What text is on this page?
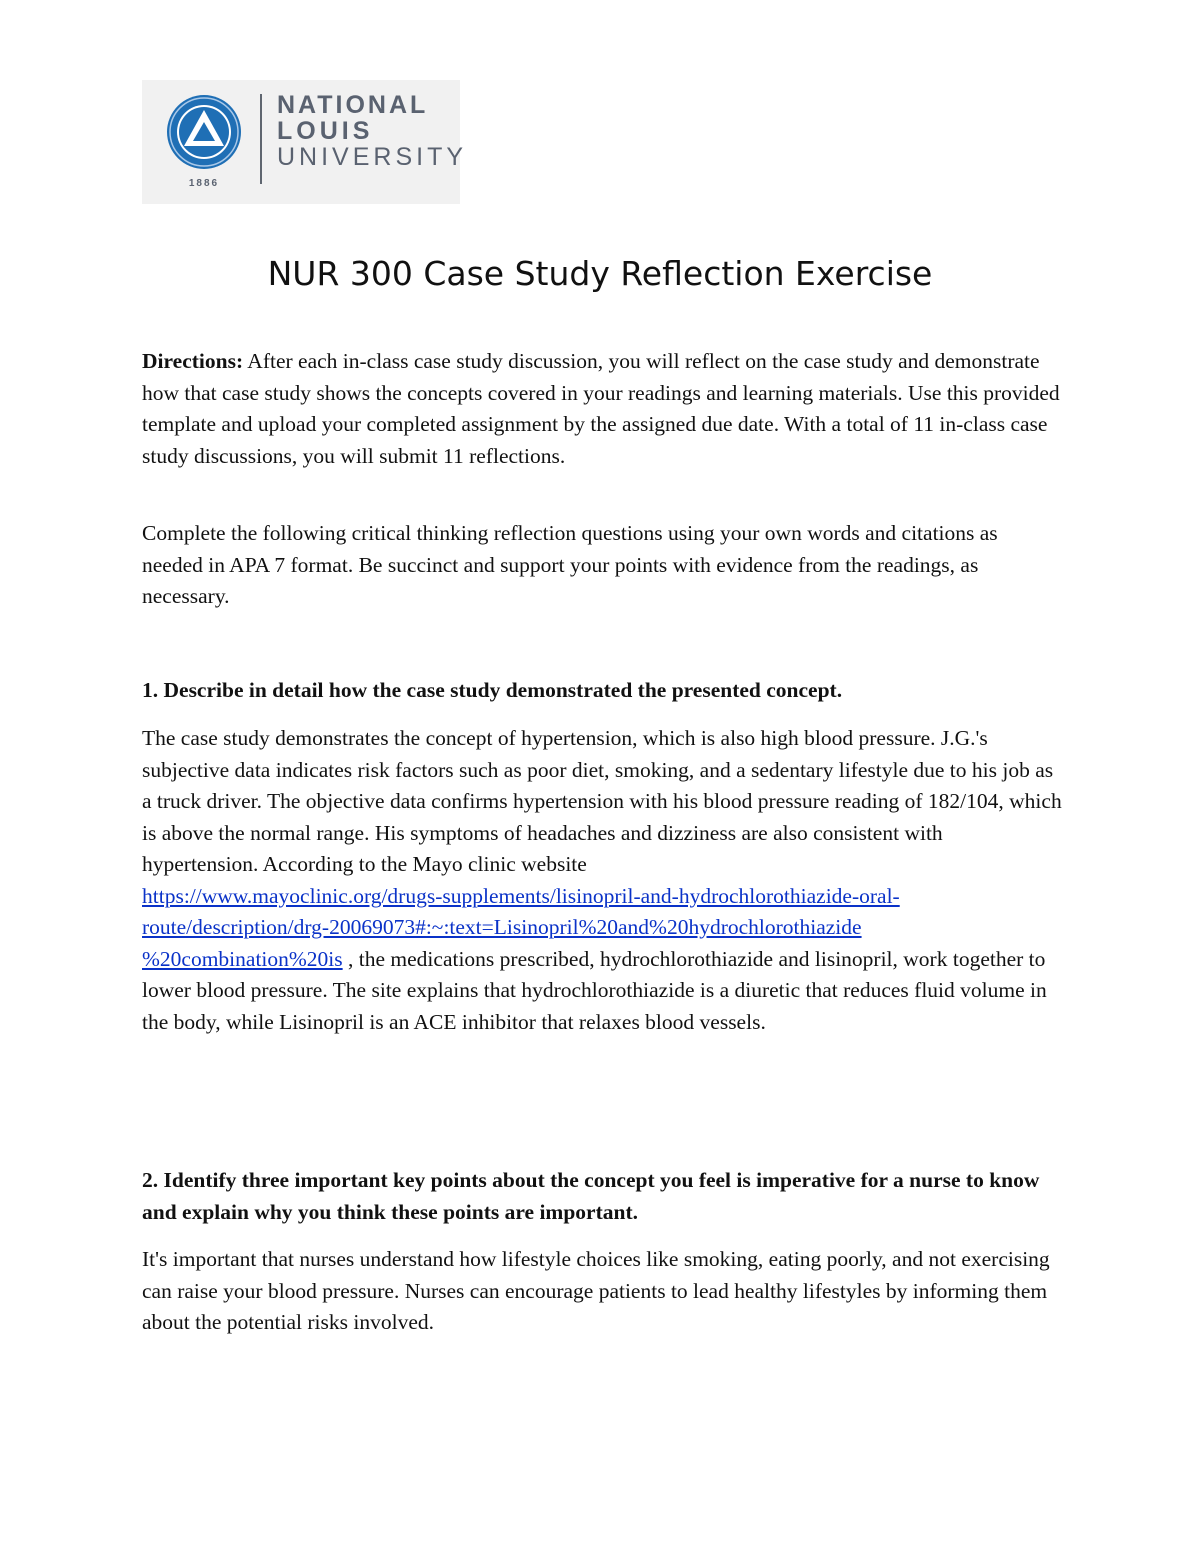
1886
NATIONAL
LOUIS
UNIVERSITY
NUR 300 Case Study Reflection Exercise

Directions: After each in-class case study discussion, you will reflect on the case study and demonstrate how that case study shows the concepts covered in your readings and learning materials. Use this provided template and upload your completed assignment by the assigned due date. With a total of 11 in-class case study discussions, you will submit 11 reflections.

Complete the following critical thinking reflection questions using your own words and citations as needed in APA 7 format. Be succinct and support your points with evidence from the readings, as necessary.

1. Describe in detail how the case study demonstrated the presented concept.

The case study demonstrates the concept of hypertension, which is also high blood pressure. J.G.'s subjective data indicates risk factors such as poor diet, smoking, and a sedentary lifestyle due to his job as a truck driver. The objective data confirms hypertension with his blood pressure reading of 182/104, which is above the normal range. His symptoms of headaches and dizziness are also consistent with hypertension. According to the Mayo clinic website
https://www.mayoclinic.org/drugs-supplements/lisinopril-and-hydrochlorothiazide-oral-
route/description/drg-20069073#:~:text=Lisinopril%20and%20hydrochlorothiazide
%20combination%20is , the medications prescribed, hydrochlorothiazide and lisinopril, work together to lower blood pressure. The site explains that hydrochlorothiazide is a diuretic that reduces fluid volume in the body, while Lisinopril is an ACE inhibitor that relaxes blood vessels.

2. Identify three important key points about the concept you feel is imperative for a nurse to know and explain why you think these points are important.

It's important that nurses understand how lifestyle choices like smoking, eating poorly, and not exercising can raise your blood pressure. Nurses can encourage patients to lead healthy lifestyles by informing them about the potential risks involved.
